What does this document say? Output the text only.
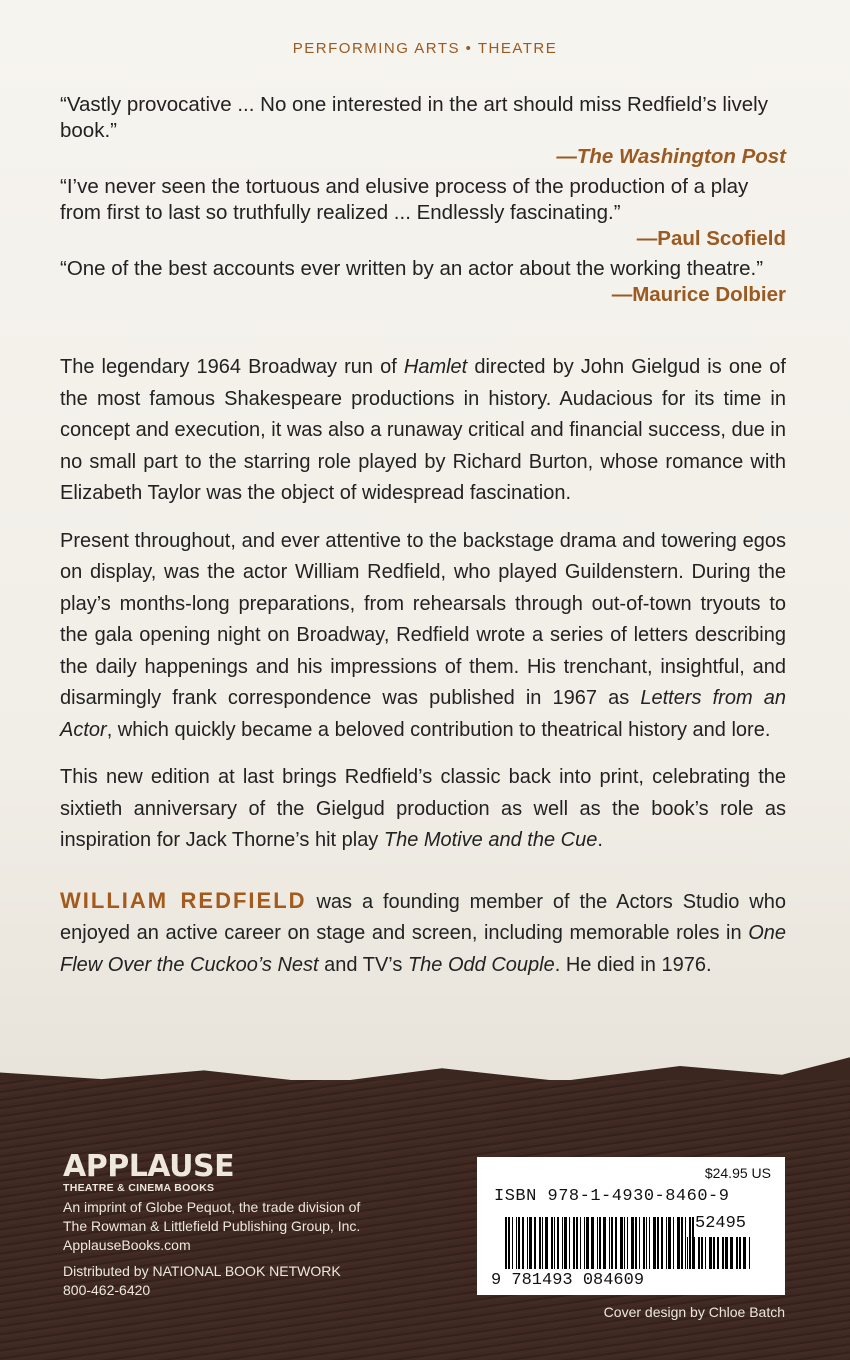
PERFORMING ARTS • THEATRE
“Vastly provocative ... No one interested in the art should miss Redfield’s lively book.”
—The Washington Post
“I’ve never seen the tortuous and elusive process of the production of a play from first to last so truthfully realized ... Endlessly fascinating.”
—Paul Scofield
“One of the best accounts ever written by an actor about the working theatre.”
—Maurice Dolbier

The legendary 1964 Broadway run of Hamlet directed by John Gielgud is one of the most famous Shakespeare productions in history. Audacious for its time in concept and execution, it was also a runaway critical and financial success, due in no small part to the starring role played by Richard Burton, whose romance with Elizabeth Taylor was the object of widespread fascination.

Present throughout, and ever attentive to the backstage drama and towering egos on display, was the actor William Redfield, who played Guildenstern. During the play’s months-long preparations, from rehearsals through out-of-town tryouts to the gala opening night on Broadway, Redfield wrote a series of letters describing the daily happenings and his impressions of them. His trenchant, insightful, and disarmingly frank correspondence was published in 1967 as Letters from an Actor, which quickly became a beloved contribution to theatrical history and lore.

This new edition at last brings Redfield’s classic back into print, celebrating the sixtieth anniversary of the Gielgud production as well as the book’s role as inspiration for Jack Thorne’s hit play The Motive and the Cue.

WILLIAM REDFIELD was a founding member of the Actors Studio who enjoyed an active career on stage and screen, including memorable roles in One Flew Over the Cuckoo’s Nest and TV’s The Odd Couple. He died in 1976.

APPLAUSE
THEATRE & CINEMA BOOKS
An imprint of Globe Pequot, the trade division of
The Rowman & Littlefield Publishing Group, Inc.
ApplauseBooks.com
Distributed by NATIONAL BOOK NETWORK
800-462-6420
$24.95 US
ISBN 978-1-4930-8460-9
52495
9 781493 084609
Cover design by Chloe Batch
